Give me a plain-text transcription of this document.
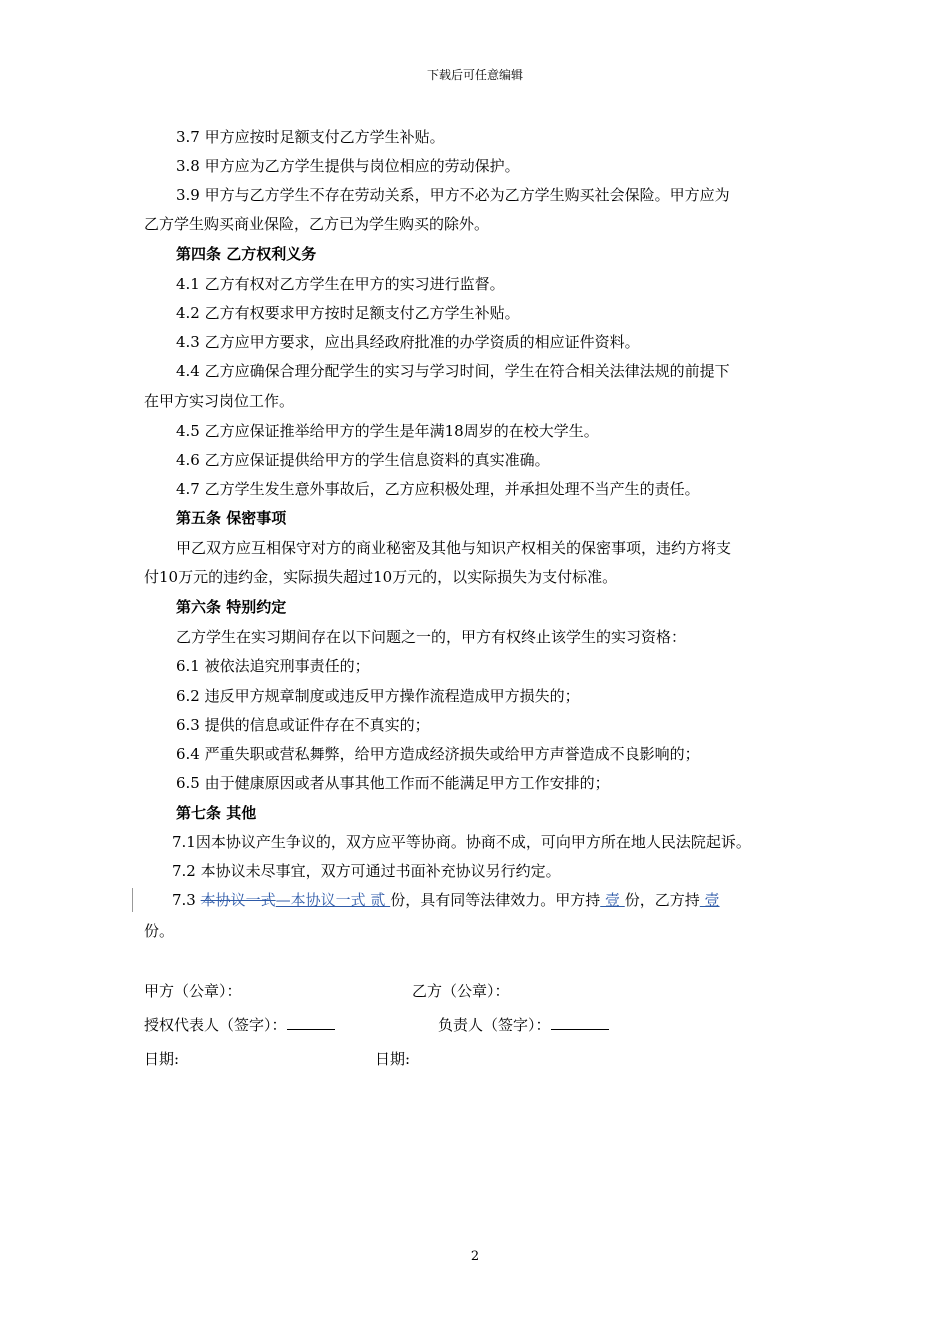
下载后可任意编辑
3.7 甲方应按时足额支付乙方学生补贴。
3.8 甲方应为乙方学生提供与岗位相应的劳动保护。
3.9 甲方与乙方学生不存在劳动关系，甲方不必为乙方学生购买社会保险。甲方应为
乙方学生购买商业保险，乙方已为学生购买的除外。
第四条 乙方权利义务
4.1 乙方有权对乙方学生在甲方的实习进行监督。
4.2 乙方有权要求甲方按时足额支付乙方学生补贴。
4.3 乙方应甲方要求，应出具经政府批准的办学资质的相应证件资料。
4.4 乙方应确保合理分配学生的实习与学习时间，学生在符合相关法律法规的前提下
在甲方实习岗位工作。
4.5 乙方应保证推举给甲方的学生是年满18周岁的在校大学生。
4.6 乙方应保证提供给甲方的学生信息资料的真实准确。
4.7 乙方学生发生意外事故后，乙方应积极处理，并承担处理不当产生的责任。
第五条 保密事项
甲乙双方应互相保守对方的商业秘密及其他与知识产权相关的保密事项，违约方将支
付10万元的违约金，实际损失超过10万元的，以实际损失为支付标准。
第六条 特别约定
乙方学生在实习期间存在以下问题之一的，甲方有权终止该学生的实习资格：
6.1 被依法追究刑事责任的；
6.2 违反甲方规章制度或违反甲方操作流程造成甲方损失的；
6.3 提供的信息或证件存在不真实的；
6.4 严重失职或营私舞弊，给甲方造成经济损失或给甲方声誉造成不良影响的；
6.5 由于健康原因或者从事其他工作而不能满足甲方工作安排的；
第七条 其他
7.1因本协议产生争议的，双方应平等协商。协商不成，可向甲方所在地人民法院起诉。
7.2 本协议未尽事宜，双方可通过书面补充协议另行约定。
7.3 本协议一式—本协议一式 贰 份，具有同等法律效力。甲方持 壹 份，乙方持 壹
份。
甲方（公章）：	乙方（公章）：
授权代表人（签字）：	负责人（签字）：
日期:	日期:
2
